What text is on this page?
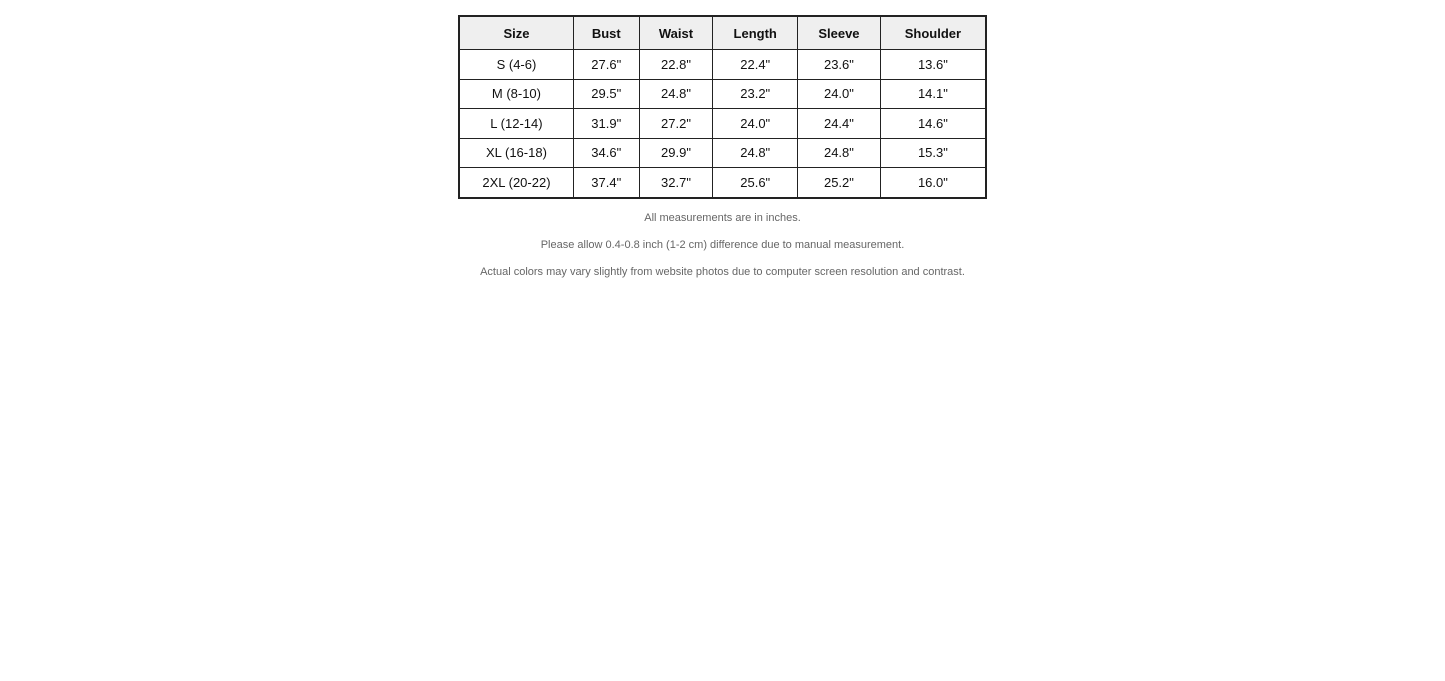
Size	Bust	Waist	Length	Sleeve	Shoulder
S (4-6)	27.6"	22.8"	22.4"	23.6"	13.6"
M (8-10)	29.5"	24.8"	23.2"	24.0"	14.1"
L (12-14)	31.9"	27.2"	24.0"	24.4"	14.6"
XL (16-18)	34.6"	29.9"	24.8"	24.8"	15.3"
2XL (20-22)	37.4"	32.7"	25.6"	25.2"	16.0"

All measurements are in inches.

Please allow 0.4-0.8 inch (1-2 cm) difference due to manual measurement.

Actual colors may vary slightly from website photos due to computer screen resolution and contrast.
